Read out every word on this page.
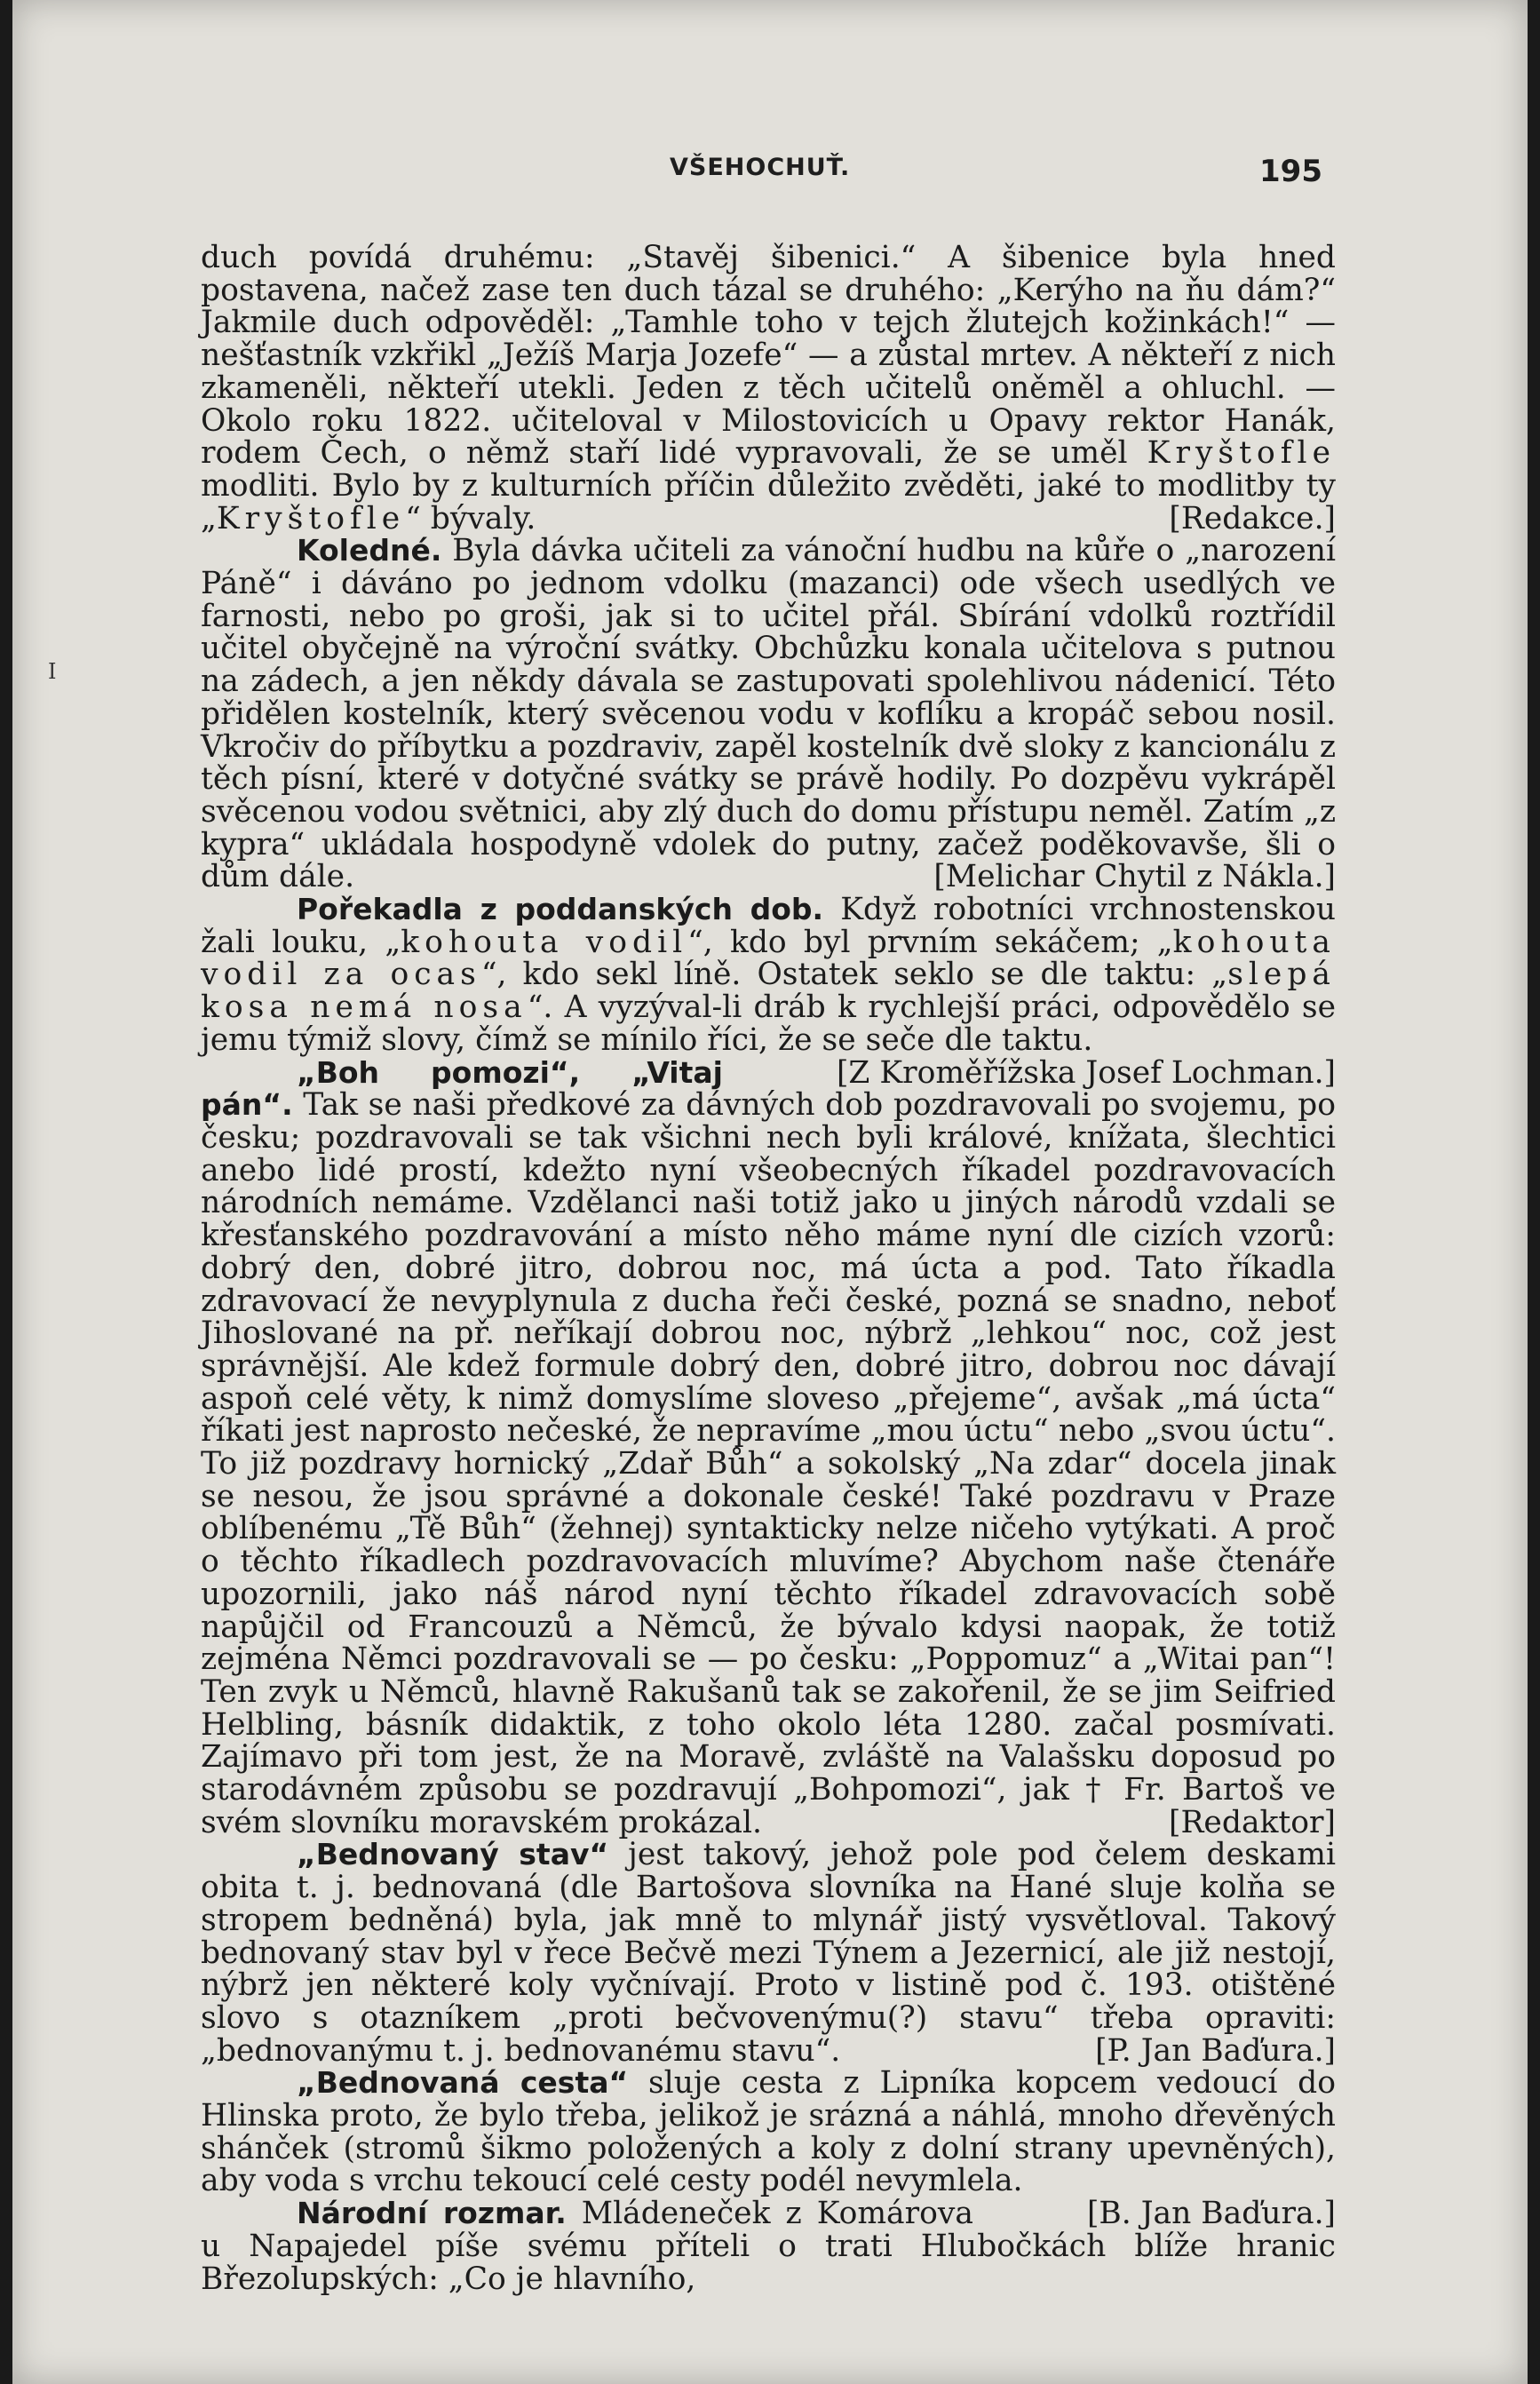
VŠEHOCHUŤ.	195
I

duch povídá druhému: „Stavěj šibenici.“ A šibenice byla hned postavena, načež zase ten duch tázal se druhého: „Kerýho na ňu dám?“ Jakmile duch odpověděl: „Tamhle toho v tejch žlutejch kožinkách!“ — nešťastník vzkřikl „Ježíš Marja Jozefe“ — a zůstal mrtev. A někteří z nich zkameněli, někteří utekli. Jeden z těch učitelů oněměl a ohluchl. — Okolo roku 1822. učiteloval v Milostovicích u Opavy rektor Hanák, rodem Čech, o němž staří lidé vypravovali, že se uměl Kryštofle modliti. Bylo by z kulturních příčin důležito zvěděti, jaké to modlitby ty „Kryštofle“ bývaly.	[Redakce.]

Koledné. Byla dávka učiteli za vánoční hudbu na kůře o „narození Páně“ i dáváno po jednom vdolku (mazanci) ode všech usedlých ve farnosti, nebo po groši, jak si to učitel přál. Sbírání vdolků roztřídil učitel obyčejně na výroční svátky. Obchůzku konala učitelova s putnou na zádech, a jen někdy dávala se zastupovati spolehlivou nádenicí. Této přidělen kostelník, který svěcenou vodu v koflíku a kropáč sebou nosil. Vkročiv do příbytku a pozdraviv, zapěl kostelník dvě sloky z kancionálu z těch písní, které v dotyčné svátky se právě hodily. Po dozpěvu vykrápěl svěcenou vodou světnici, aby zlý duch do domu přístupu neměl. Zatím „z kypra“ ukládala hospodyně vdolek do putny, začež poděkovavše, šli o dům dále.	[Melichar Chytil z Nákla.]

Pořekadla z poddanských dob. Když robotníci vrchnostenskou žali louku, „kohouta vodil“, kdo byl prvním sekáčem; „kohouta vodil za ocas“, kdo sekl líně. Ostatek seklo se dle taktu: „slepá kosa nemá nosa“. A vyzýval-li dráb k rychlejší práci, odpovědělo se jemu týmiž slovy, čímž se mínilo říci, že se seče dle taktu.
[Z Kroměřížska Josef Lochman.]

„Boh pomozi“, „Vitaj pán“. Tak se naši předkové za dávných dob pozdravovali po svojemu, po česku; pozdravovali se tak všichni nech byli králové, knížata, šlechtici anebo lidé prostí, kdežto nyní všeobecných říkadel pozdravovacích národních nemáme. Vzdělanci naši totiž jako u jiných národů vzdali se křesťanského pozdravování a místo něho máme nyní dle cizích vzorů: dobrý den, dobré jitro, dobrou noc, má úcta a pod. Tato říkadla zdravovací že nevyplynula z ducha řeči české, pozná se snadno, neboť Jihoslované na př. neříkají dobrou noc, nýbrž „lehkou“ noc, což jest správnější. Ale kdež formule dobrý den, dobré jitro, dobrou noc dávají aspoň celé věty, k nimž domyslíme sloveso „přejeme“, avšak „má úcta“ říkati jest naprosto nečeské, že nepravíme „mou úctu“ nebo „svou úctu“. To již pozdravy hornický „Zdař Bůh“ a sokolský „Na zdar“ docela jinak se nesou, že jsou správné a dokonale české! Také pozdravu v Praze oblíbenému „Tě Bůh“ (žehnej) syntakticky nelze ničeho vytýkati. A proč o těchto říkadlech pozdravovacích mluvíme? Abychom naše čtenáře upozornili, jako náš národ nyní těchto říkadel zdravovacích sobě napůjčil od Francouzů a Němců, že bývalo kdysi naopak, že totiž zejména Němci pozdravovali se — po česku: „Poppomuz“ a „Witai pan“! Ten zvyk u Němců, hlavně Rakušanů tak se zakořenil, že se jim Seifried Helbling, básník didaktik, z toho okolo léta 1280. začal posmívati. Zajímavo při tom jest, že na Moravě, zvláště na Valašsku doposud po starodávném způsobu se pozdravují „Bohpomozi“, jak † Fr. Bartoš ve svém slovníku moravském prokázal.	[Redaktor]

„Bednovaný stav“ jest takový, jehož pole pod čelem deskami obita t. j. bednovaná (dle Bartošova slovníka na Hané sluje kolňa se stropem bedněná) byla, jak mně to mlynář jistý vysvětloval. Takový bednovaný stav byl v řece Bečvě mezi Týnem a Jezernicí, ale již nestojí, nýbrž jen některé koly vyčnívají. Proto v listině pod č. 193. otištěné slovo s otazníkem „proti bečvovenýmu(?) stavu“ třeba opraviti: „bednovanýmu t. j. bednovanému stavu“.	[P. Jan Baďura.]

„Bednovaná cesta“ sluje cesta z Lipníka kopcem vedoucí do Hlinska proto, že bylo třeba, jelikož je srázná a náhlá, mnoho dřevěných shánček (stromů šikmo položených a koly z dolní strany upevněných), aby voda s vrchu tekoucí celé cesty podél nevymlela.
[B. Jan Baďura.]

Národní rozmar. Mládeneček z Komárova u Napajedel píše svému příteli o trati Hlubočkách blíže hranic Březolupských: „Co je hlavního,
